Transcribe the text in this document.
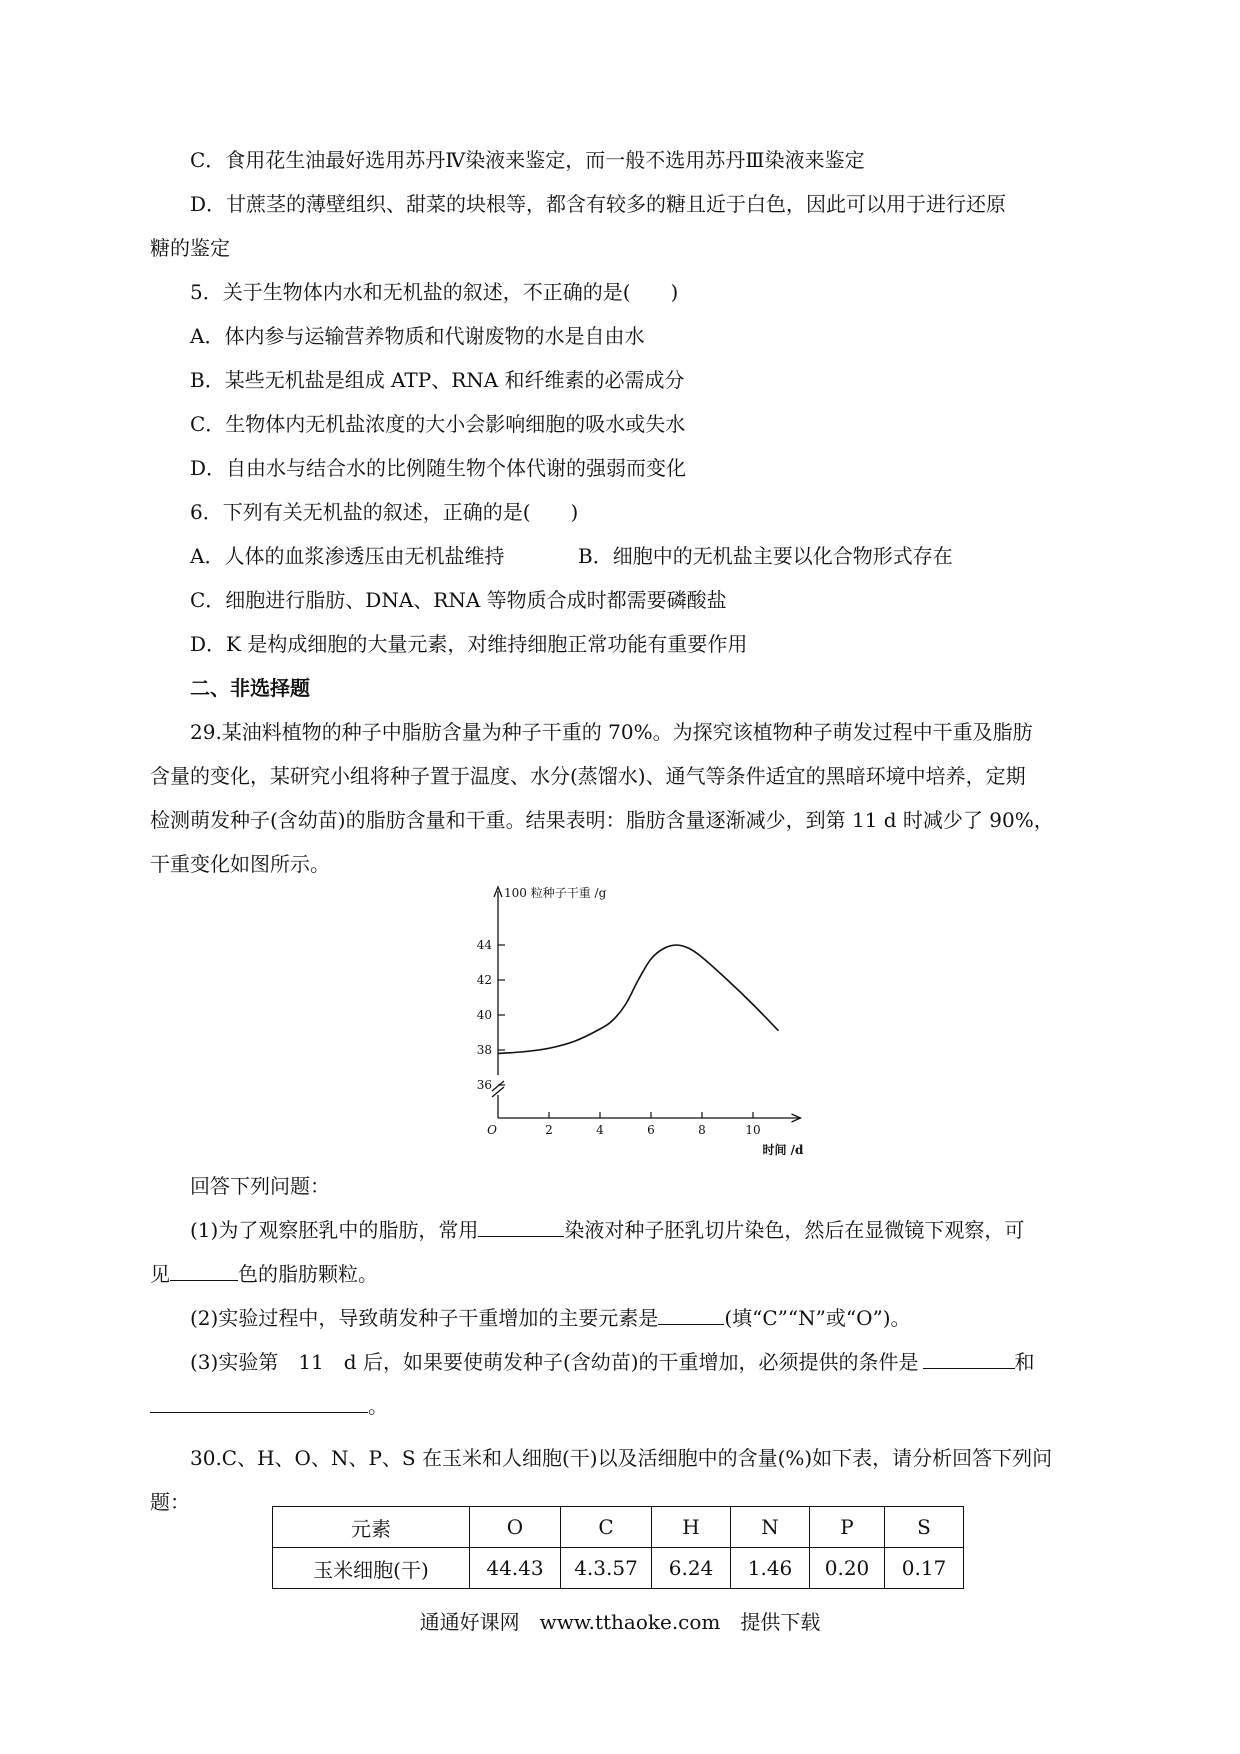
C．食用花生油最好选用苏丹Ⅳ染液来鉴定，而一般不选用苏丹Ⅲ染液来鉴定
D．甘蔗茎的薄壁组织、甜菜的块根等，都含有较多的糖且近于白色，因此可以用于进行还原
糖的鉴定
5．关于生物体内水和无机盐的叙述，不正确的是(　　)
A．体内参与运输营养物质和代谢废物的水是自由水
B．某些无机盐是组成 ATP、RNA 和纤维素的必需成分
C．生物体内无机盐浓度的大小会影响细胞的吸水或失水
D．自由水与结合水的比例随生物个体代谢的强弱而变化
6．下列有关无机盐的叙述，正确的是(　　)
A．人体的血浆渗透压由无机盐维持	B．细胞中的无机盐主要以化合物形式存在
C．细胞进行脂肪、DNA、RNA 等物质合成时都需要磷酸盐
D．K 是构成细胞的大量元素，对维持细胞正常功能有重要作用
二、非选择题
29.某油料植物的种子中脂肪含量为种子干重的 70%。为探究该植物种子萌发过程中干重及脂肪
含量的变化，某研究小组将种子置于温度、水分(蒸馏水)、通气等条件适宜的黑暗环境中培养，定期
检测萌发种子(含幼苗)的脂肪含量和干重。结果表明：脂肪含量逐渐减少，到第 11 d 时减少了 90%，
干重变化如图所示。
36
38
40
42
44
2	4	6	8	10
O
100 粒种子干重 /g
时间 /d
回答下列问题：
(1)为了观察胚乳中的脂肪，常用	染液对种子胚乳切片染色，然后在显微镜下观察，可
见	色的脂肪颗粒。
(2)实验过程中，导致萌发种子干重增加的主要元素是	(填“C”“N”或“O”)。
(3)实验第　11　d 后，如果要使萌发种子(含幼苗)的干重增加，必须提供的条件是	和
。
30.C、H、O、N、P、S 在玉米和人细胞(干)以及活细胞中的含量(%)如下表，请分析回答下列问
题：
元素	O	C	H	N	P	S
玉米细胞(干)	44.43	4.3.57	6.24	1.46	0.20	0.17
通通好课网　www.tthaoke.com　提供下载
